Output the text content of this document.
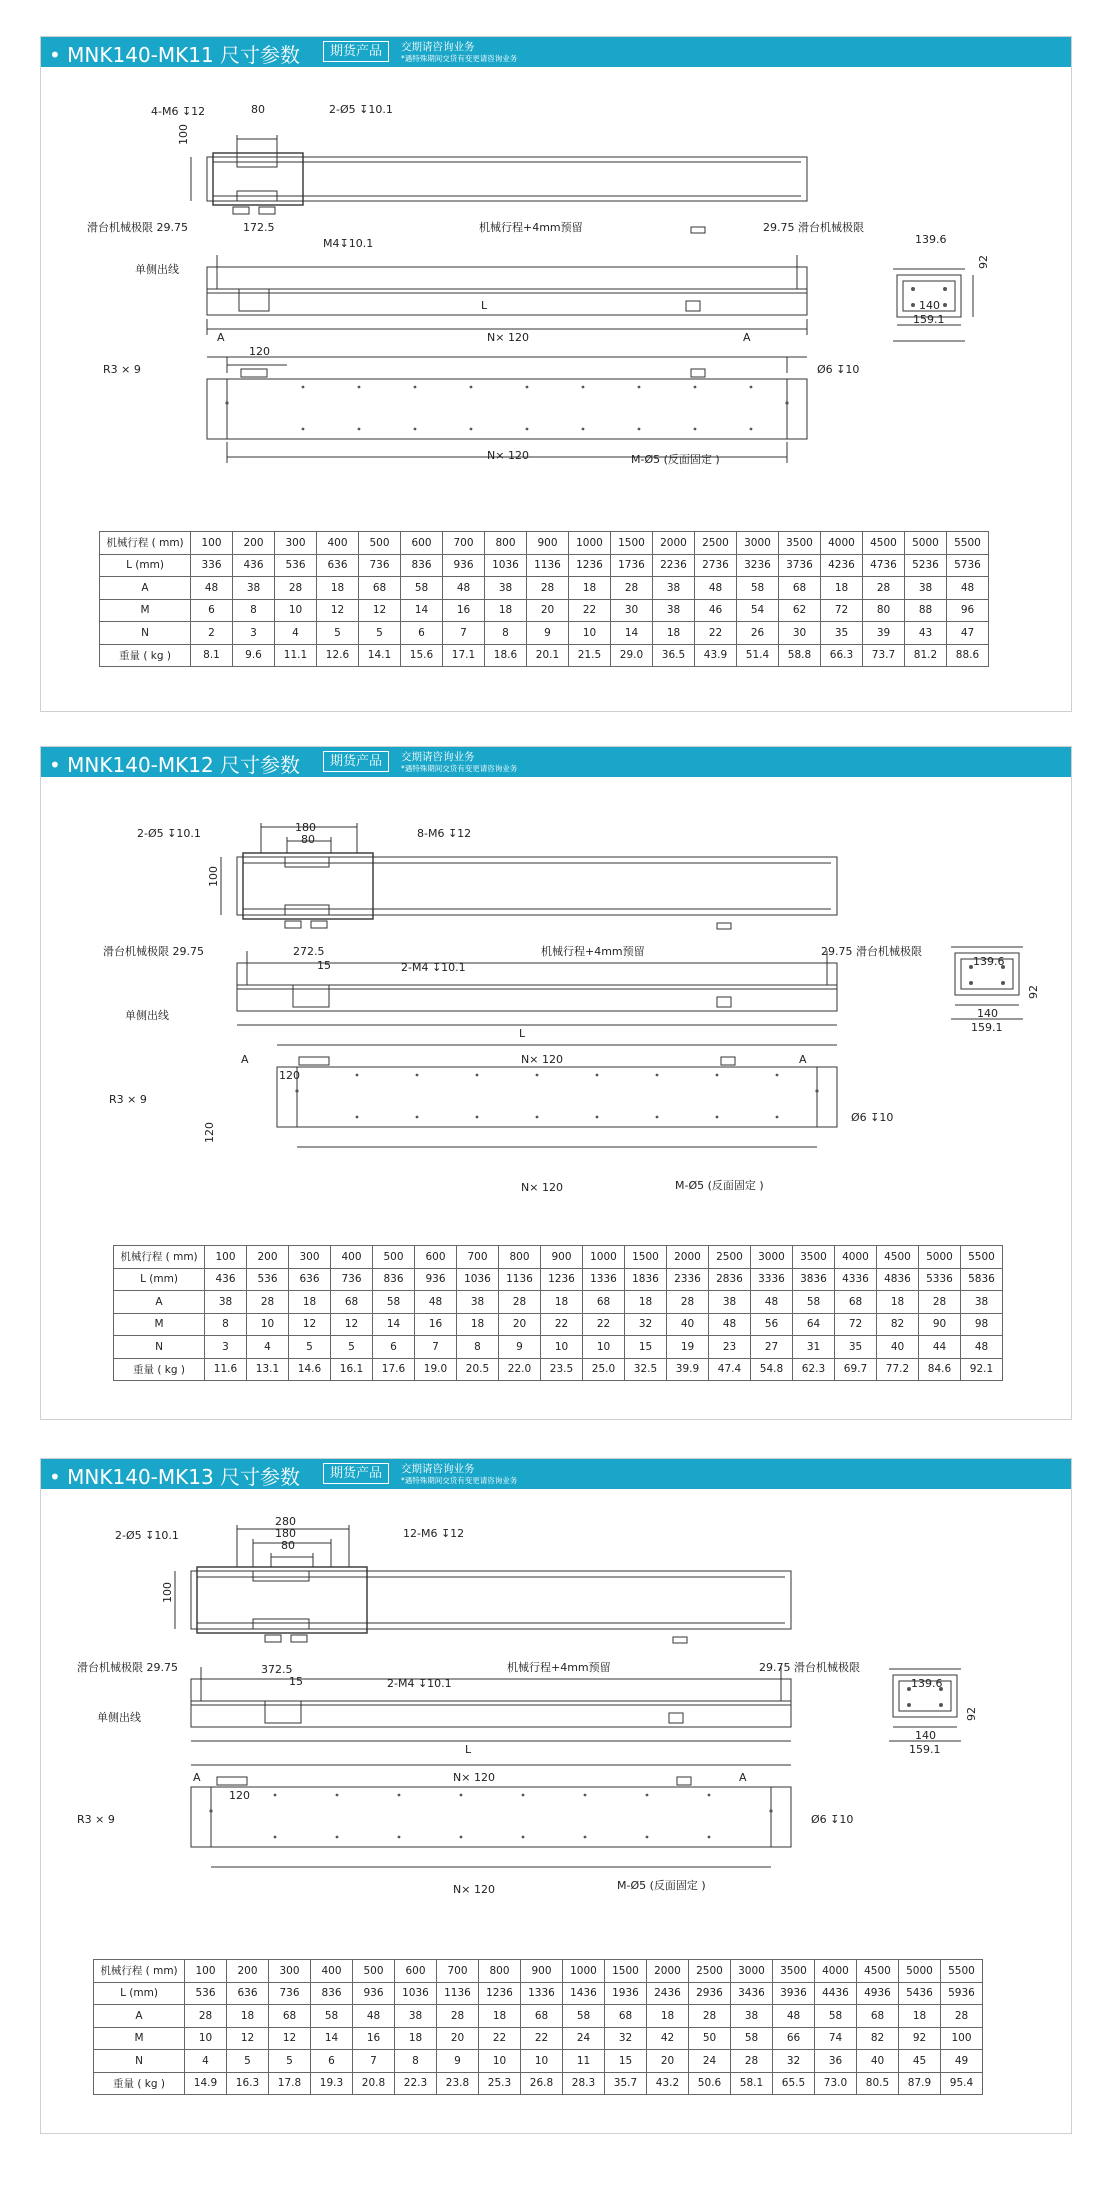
• MNK140-MK11 尺寸参数	期货产品	交期请咨询业务
*遇特殊期间交货有变更请咨询业务
4-M6 ↧12	80	2-Ø5 ↧10.1
100
滑台机械极限 29.75	172.5	机械行程+4mm预留	29.75 滑台机械极限
M4↧10.1
单侧出线
L
139.6
92
140
159.1
A	N× 120	A
120
R3 × 9	Ø6 ↧10
M-Ø5 (反面固定 )
N× 120
机械行程 ( mm)	100	200	300	400	500	600	700	800	900	1000	1500	2000	2500	3000	3500	4000	4500	5000	5500
L (mm)	336	436	536	636	736	836	936	1036	1136	1236	1736	2236	2736	3236	3736	4236	4736	5236	5736
A	48	38	28	18	68	58	48	38	28	18	28	38	48	58	68	18	28	38	48
M	6	8	10	12	12	14	16	18	20	22	30	38	46	54	62	72	80	88	96
N	2	3	4	5	5	6	7	8	9	10	14	18	22	26	30	35	39	43	47
重量 ( kg )	8.1	9.6	11.1	12.6	14.1	15.6	17.1	18.6	20.1	21.5	29.0	36.5	43.9	51.4	58.8	66.3	73.7	81.2	88.6
• MNK140-MK12 尺寸参数	期货产品	交期请咨询业务
*遇特殊期间交货有变更请咨询业务
2-Ø5 ↧10.1	180
80	8-M6 ↧12
100
滑台机械极限 29.75	272.5	机械行程+4mm预留	29.75 滑台机械极限
15	2-M4 ↧10.1
单侧出线
L
139.6
92
140
159.1
A	N× 120	A
120
R3 × 9
120
Ø6 ↧10
M-Ø5 (反面固定 )
N× 120
机械行程 ( mm)	100	200	300	400	500	600	700	800	900	1000	1500	2000	2500	3000	3500	4000	4500	5000	5500
L (mm)	436	536	636	736	836	936	1036	1136	1236	1336	1836	2336	2836	3336	3836	4336	4836	5336	5836
A	38	28	18	68	58	48	38	28	18	68	18	28	38	48	58	68	18	28	38
M	8	10	12	12	14	16	18	20	22	22	32	40	48	56	64	72	82	90	98
N	3	4	5	5	6	7	8	9	10	10	15	19	23	27	31	35	40	44	48
重量 ( kg )	11.6	13.1	14.6	16.1	17.6	19.0	20.5	22.0	23.5	25.0	32.5	39.9	47.4	54.8	62.3	69.7	77.2	84.6	92.1
• MNK140-MK13 尺寸参数	期货产品	交期请咨询业务
*遇特殊期间交货有变更请咨询业务
2-Ø5 ↧10.1
280
180
80
12-M6 ↧12
100
滑台机械极限 29.75	372.5	机械行程+4mm预留	29.75 滑台机械极限
15	2-M4 ↧10.1
单侧出线
L
139.6
92
140
159.1
A	N× 120	A
120
R3 × 9	Ø6 ↧10
M-Ø5 (反面固定 )
N× 120
机械行程 ( mm)	100	200	300	400	500	600	700	800	900	1000	1500	2000	2500	3000	3500	4000	4500	5000	5500
L (mm)	536	636	736	836	936	1036	1136	1236	1336	1436	1936	2436	2936	3436	3936	4436	4936	5436	5936
A	28	18	68	58	48	38	28	18	68	58	68	18	28	38	48	58	68	18	28
M	10	12	12	14	16	18	20	22	22	24	32	42	50	58	66	74	82	92	100
N	4	5	5	6	7	8	9	10	10	11	15	20	24	28	32	36	40	45	49
重量 ( kg )	14.9	16.3	17.8	19.3	20.8	22.3	23.8	25.3	26.8	28.3	35.7	43.2	50.6	58.1	65.5	73.0	80.5	87.9	95.4
